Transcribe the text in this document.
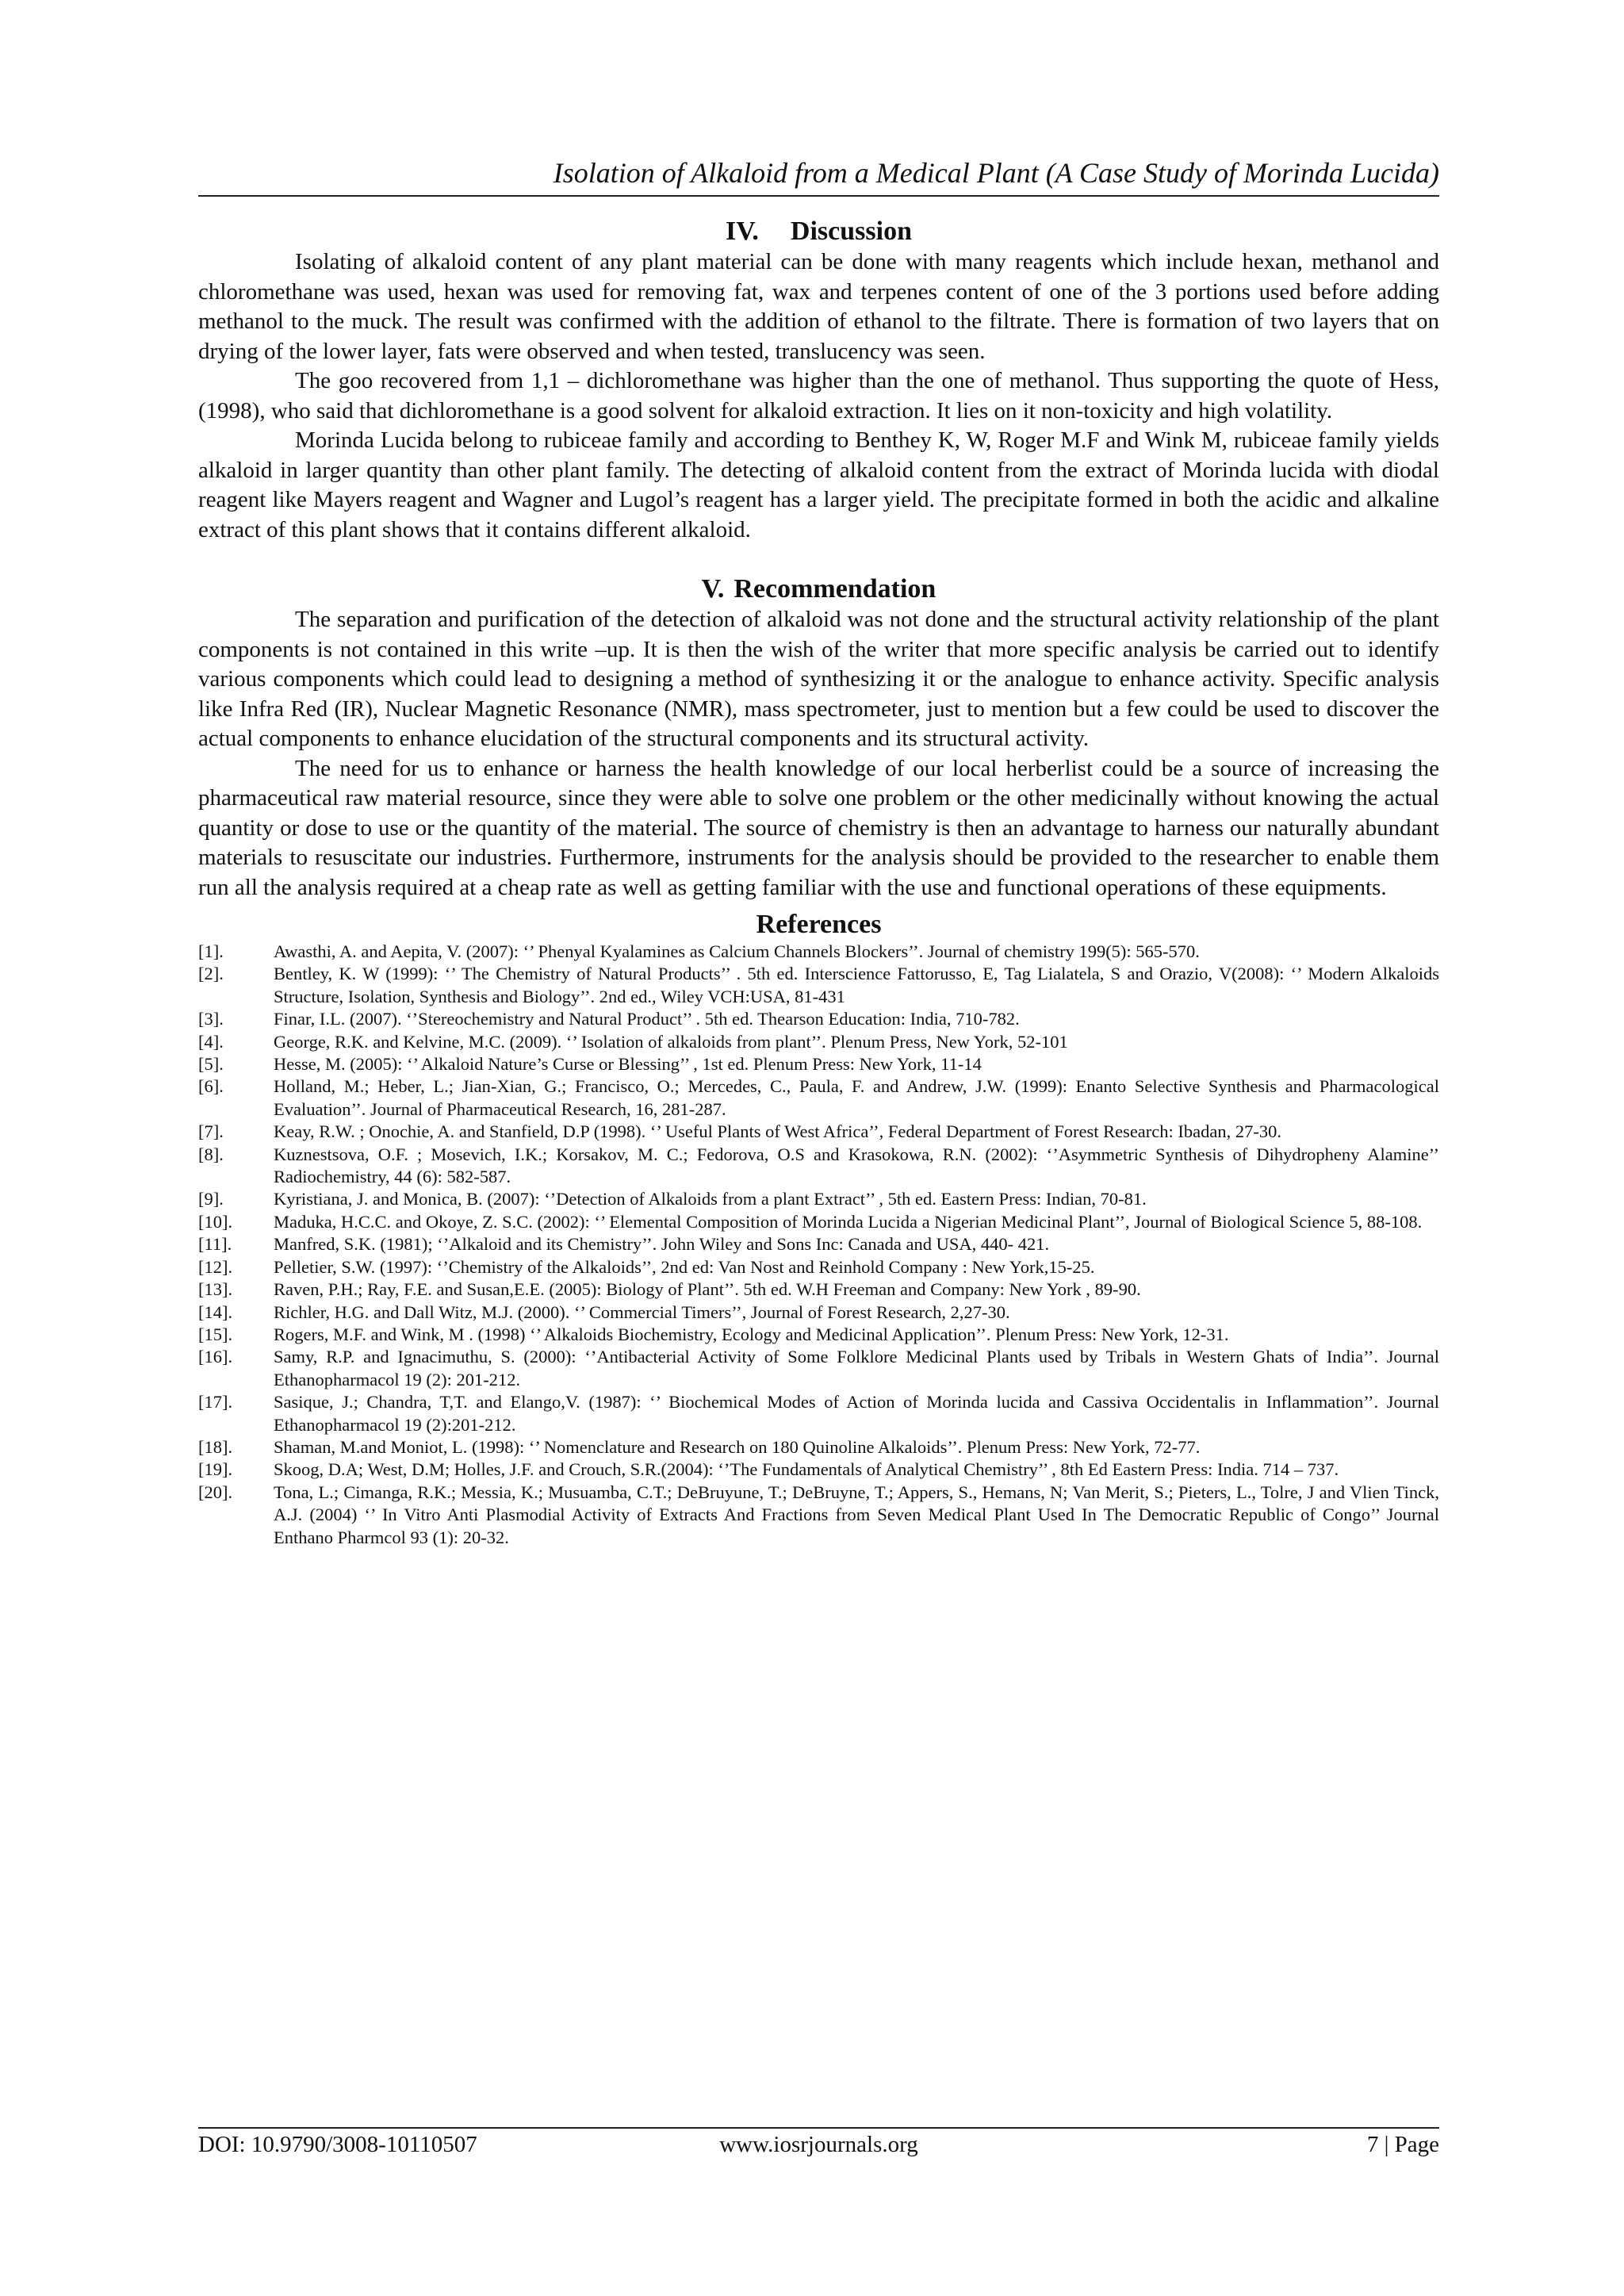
Isolation of Alkaloid from a Medical Plant (A Case Study of Morinda Lucida)
IV. Discussion

Isolating of alkaloid content of any plant material can be done with many reagents which include hexan, methanol and chloromethane was used, hexan was used for removing fat, wax and terpenes content of one of the 3 portions used before adding methanol to the muck. The result was confirmed with the addition of ethanol to the filtrate. There is formation of two layers that on drying of the lower layer, fats were observed and when tested, translucency was seen.

The goo recovered from 1,1 – dichloromethane was higher than the one of methanol. Thus supporting the quote of Hess, (1998), who said that dichloromethane is a good solvent for alkaloid extraction. It lies on it non-toxicity and high volatility.

Morinda Lucida belong to rubiceae family and according to Benthey K, W, Roger M.F and Wink M, rubiceae family yields alkaloid in larger quantity than other plant family. The detecting of alkaloid content from the extract of Morinda lucida with diodal reagent like Mayers reagent and Wagner and Lugol’s reagent has a larger yield. The precipitate formed in both the acidic and alkaline extract of this plant shows that it contains different alkaloid.

V. Recommendation

The separation and purification of the detection of alkaloid was not done and the structural activity relationship of the plant components is not contained in this write –up. It is then the wish of the writer that more specific analysis be carried out to identify various components which could lead to designing a method of synthesizing it or the analogue to enhance activity. Specific analysis like Infra Red (IR), Nuclear Magnetic Resonance (NMR), mass spectrometer, just to mention but a few could be used to discover the actual components to enhance elucidation of the structural components and its structural activity.

The need for us to enhance or harness the health knowledge of our local herberlist could be a source of increasing the pharmaceutical raw material resource, since they were able to solve one problem or the other medicinally without knowing the actual quantity or dose to use or the quantity of the material. The source of chemistry is then an advantage to harness our naturally abundant materials to resuscitate our industries. Furthermore, instruments for the analysis should be provided to the researcher to enable them run all the analysis required at a cheap rate as well as getting familiar with the use and functional operations of these equipments.

References
[1].	Awasthi, A. and Aepita, V. (2007): ‘’ Phenyal Kyalamines as Calcium Channels Blockers’’. Journal of chemistry 199(5): 565-570.
[2].	Bentley, K. W (1999): ‘’ The Chemistry of Natural Products’’ . 5th ed. Interscience Fattorusso, E, Tag Lialatela, S and Orazio, V(2008): ‘’ Modern Alkaloids Structure, Isolation, Synthesis and Biology’’. 2nd ed., Wiley VCH:USA, 81-431
[3].	Finar, I.L. (2007). ‘’Stereochemistry and Natural Product’’ . 5th ed. Thearson Education: India, 710-782.
[4].	George, R.K. and Kelvine, M.C. (2009). ‘’ Isolation of alkaloids from plant’’. Plenum Press, New York, 52-101
[5].	Hesse, M. (2005): ‘’ Alkaloid Nature’s Curse or Blessing’’ , 1st ed. Plenum Press: New York, 11-14
[6].	Holland, M.; Heber, L.; Jian-Xian, G.; Francisco, O.; Mercedes, C., Paula, F. and Andrew, J.W. (1999): Enanto Selective Synthesis and Pharmacological Evaluation’’. Journal of Pharmaceutical Research, 16, 281-287.
[7].	Keay, R.W. ; Onochie, A. and Stanfield, D.P (1998). ‘’ Useful Plants of West Africa’’, Federal Department of Forest Research: Ibadan, 27-30.
[8].	Kuznestsova, O.F. ; Mosevich, I.K.; Korsakov, M. C.; Fedorova, O.S and Krasokowa, R.N. (2002): ‘’Asymmetric Synthesis of Dihydropheny Alamine’’ Radiochemistry, 44 (6): 582-587.
[9].	Kyristiana, J. and Monica, B. (2007): ‘’Detection of Alkaloids from a plant Extract’’ , 5th ed. Eastern Press: Indian, 70-81.
[10].	Maduka, H.C.C. and Okoye, Z. S.C. (2002): ‘’ Elemental Composition of Morinda Lucida a Nigerian Medicinal Plant’’, Journal of Biological Science 5, 88-108.
[11].	Manfred, S.K. (1981); ‘’Alkaloid and its Chemistry’’. John Wiley and Sons Inc: Canada and USA, 440- 421.
[12].	Pelletier, S.W. (1997): ‘’Chemistry of the Alkaloids’’, 2nd ed: Van Nost and Reinhold Company : New York,15-25.
[13].	Raven, P.H.; Ray, F.E. and Susan,E.E. (2005): Biology of Plant’’. 5th ed. W.H Freeman and Company: New York , 89-90.
[14].	Richler, H.G. and Dall Witz, M.J. (2000). ‘’ Commercial Timers’’, Journal of Forest Research, 2,27-30.
[15].	Rogers, M.F. and Wink, M . (1998) ‘’ Alkaloids Biochemistry, Ecology and Medicinal Application’’. Plenum Press: New York, 12-31.
[16].	Samy, R.P. and Ignacimuthu, S. (2000): ‘’Antibacterial Activity of Some Folklore Medicinal Plants used by Tribals in Western Ghats of India’’. Journal Ethanopharmacol 19 (2): 201-212.
[17].	Sasique, J.; Chandra, T,T. and Elango,V. (1987): ‘’ Biochemical Modes of Action of Morinda lucida and Cassiva Occidentalis in Inflammation’’. Journal Ethanopharmacol 19 (2):201-212.
[18].	Shaman, M.and Moniot, L. (1998): ‘’ Nomenclature and Research on 180 Quinoline Alkaloids’’. Plenum Press: New York, 72-77.
[19].	Skoog, D.A; West, D.M; Holles, J.F. and Crouch, S.R.(2004): ‘’The Fundamentals of Analytical Chemistry’’ , 8th Ed Eastern Press: India. 714 – 737.
[20].	Tona, L.; Cimanga, R.K.; Messia, K.; Musuamba, C.T.; DeBruyune, T.; DeBruyne, T.; Appers, S., Hemans, N; Van Merit, S.; Pieters, L., Tolre, J and Vlien Tinck, A.J. (2004) ‘’ In Vitro Anti Plasmodial Activity of Extracts And Fractions from Seven Medical Plant Used In The Democratic Republic of Congo’’ Journal Enthano Pharmcol 93 (1): 20-32.
DOI: 10.9790/3008-10110507	www.iosrjournals.org	7 | Page
